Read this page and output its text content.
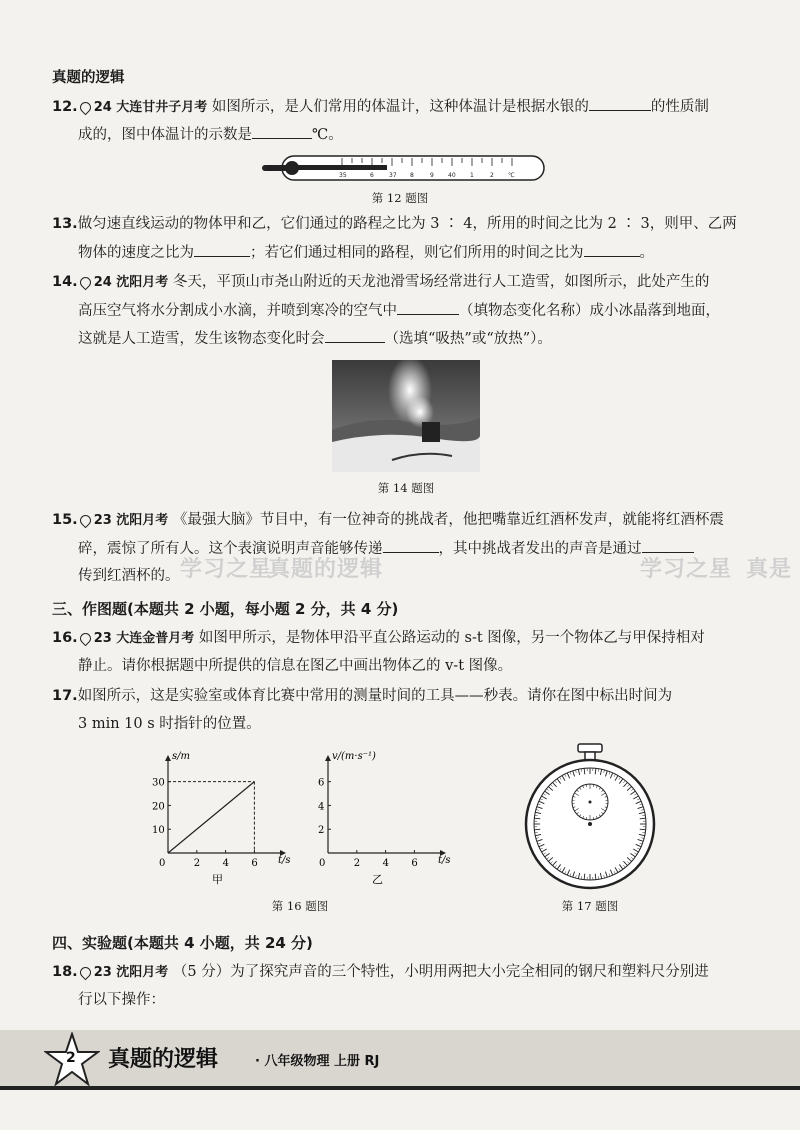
真题的逻辑
12. 24 大连甘井子月考 如图所示，是人们常用的体温计，这种体温计是根据水银的	的性质制
成的，图中体温计的示数是	℃。
35	6	37 8	9 40 1	2 ℃
第 12 题图
13.做匀速直线运动的物体甲和乙，它们通过的路程之比为 3 ∶ 4，所用的时间之比为 2 ∶ 3，则甲、乙两
物体的速度之比为	；若它们通过相同的路程，则它们所用的时间之比为	。
14. 24 沈阳月考 冬天，平顶山市尧山附近的天龙池滑雪场经常进行人工造雪，如图所示，此处产生的
高压空气将水分割成小水滴，并喷到寒冷的空气中	（填物态变化名称）成小冰晶落到地面，
这就是人工造雪，发生该物态变化时会	（选填“吸热”或“放热”）。
第 14 题图
15. 23 沈阳月考 《最强大脑》节目中，有一位神奇的挑战者，他把嘴靠近红酒杯发声，就能将红酒杯震
碎，震惊了所有人。这个表演说明声音能够传递	，其中挑战者发出的声音是通过
传到红酒杯的。 学习之星
真题的逻辑	学习之星 真是
三、作图题(本题共 2 小题，每小题 2 分，共 4 分)
16. 23 大连金普月考 如图甲所示，是物体甲沿平直公路运动的 s-t 图像，另一个物体乙与甲保持相对
静止。请你根据题中所提供的信息在图乙中画出物体乙的 v-t 图像。
17.如图所示，这是实验室或体育比赛中常用的测量时间的工具——秒表。请你在图中标出时间为
3 min 10 s 时指针的位置。
s/m
t/s
甲
0	2 4 6
10
20
30
v/(m·s⁻¹)
t/s
乙
0	2 4 6
2
4
6
第 16 题图	第 17 题图
四、实验题(本题共 4 小题，共 24 分)
18. 23 沈阳月考 （5 分）为了探究声音的三个特性，小明用两把大小完全相同的钢尺和塑料尺分别进
行以下操作：
2 真题的逻辑	· 八年级物理 上册 RJ
